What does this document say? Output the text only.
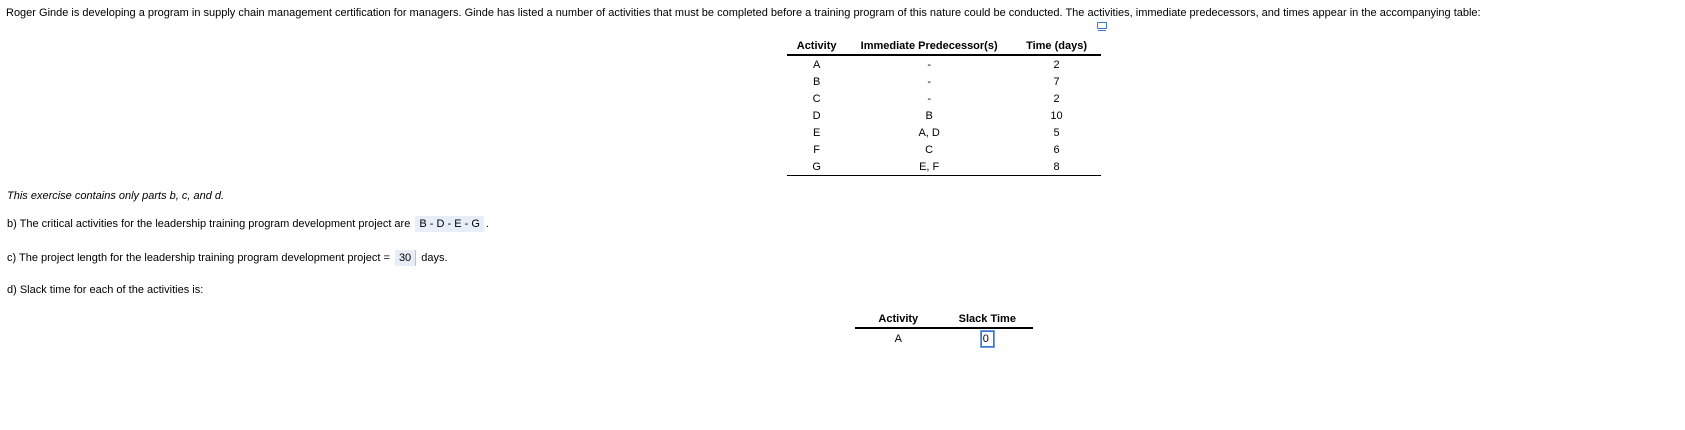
Roger Ginde is developing a program in supply chain management certification for managers. Ginde has listed a number of activities that must be completed before a training program of this nature could be conducted. The activities, immediate predecessors, and times appear in the accompanying table:
Activity	Immediate Predecessor(s)	Time (days)
A	-	2
B	-	7
C	-	2
D	B	10
E	A, D	5
F	C	6
G	E, F	8
This exercise contains only parts b, c, and d.
b) The critical activities for the leadership training program development project are B - D - E - G .
c) The project length for the leadership training program development project = 30 days.
d) Slack time for each of the activities is:
Activity	Slack Time
A	0
